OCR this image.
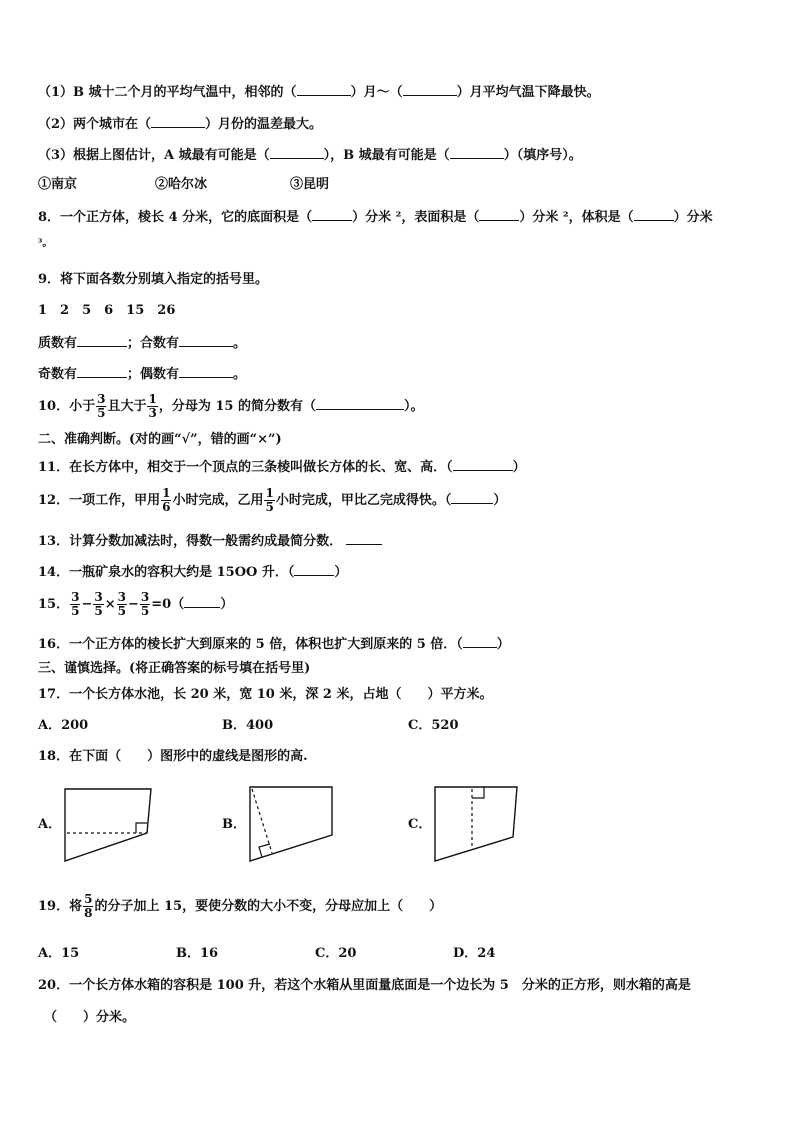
（1）B 城十二个月的平均气温中，相邻的（	）月～（	）月平均气温下降最快。
（2）两个城市在（	）月份的温差最大。
（3）根据上图估计，A 城最有可能是（	），B 城最有可能是（	）（填序号）。
①南京	②哈尔冰	③昆明
8．一个正方体，棱长 4 分米，它的底面积是（	）分米 ²，表面积是（	）分米 ²，体积是（	）分米
³。
9．将下面各数分别填入指定的括号里。
1　2　5　6　15　26
质数有	；合数有	。
奇数有	；偶数有	。
10．小于 $\frac{3}{5}$ 且大于 $\frac{1}{3}$ ，分母为 15 的简分数有（	）。
二、准确判断。(对的画“√”，错的画“×”)
11．在长方体中，相交于一个顶点的三条棱叫做长方体的长、宽、高．（	）
12．一项工作，甲用 $\frac{1}{6}$ 小时完成，乙用 $\frac{1}{5}$ 小时完成，甲比乙完成得快。（	）
13．计算分数加减法时，得数一般需约成最简分数．
14．一瓶矿泉水的容积大约是 15OO 升．（	）
15． $\frac{3}{5} - \frac{3}{5} \times \frac{3}{5} - \frac{3}{5} =0$（	）
16．一个正方体的棱长扩大到原来的 5 倍，体积也扩大到原来的 5 倍．（	）
三、谨慎选择。(将正确答案的标号填在括号里)
17．一个长方体水池，长 20 米，宽 10 米，深 2 米，占地（　　）平方米。
A．200	B．400	C．520
18．在下面（　　）图形中的虚线是图形的高.
A．	B．	C．
19．将 $\frac{5}{8}$ 的分子加上 15，要使分数的大小不变，分母应加上（　　）
A．15	B．16	C．20	D．24
20．一个长方体水箱的容积是 100 升，若这个水箱从里面量底面是一个边长为 5　分米的正方形，则水箱的高是
（　　）分米。
